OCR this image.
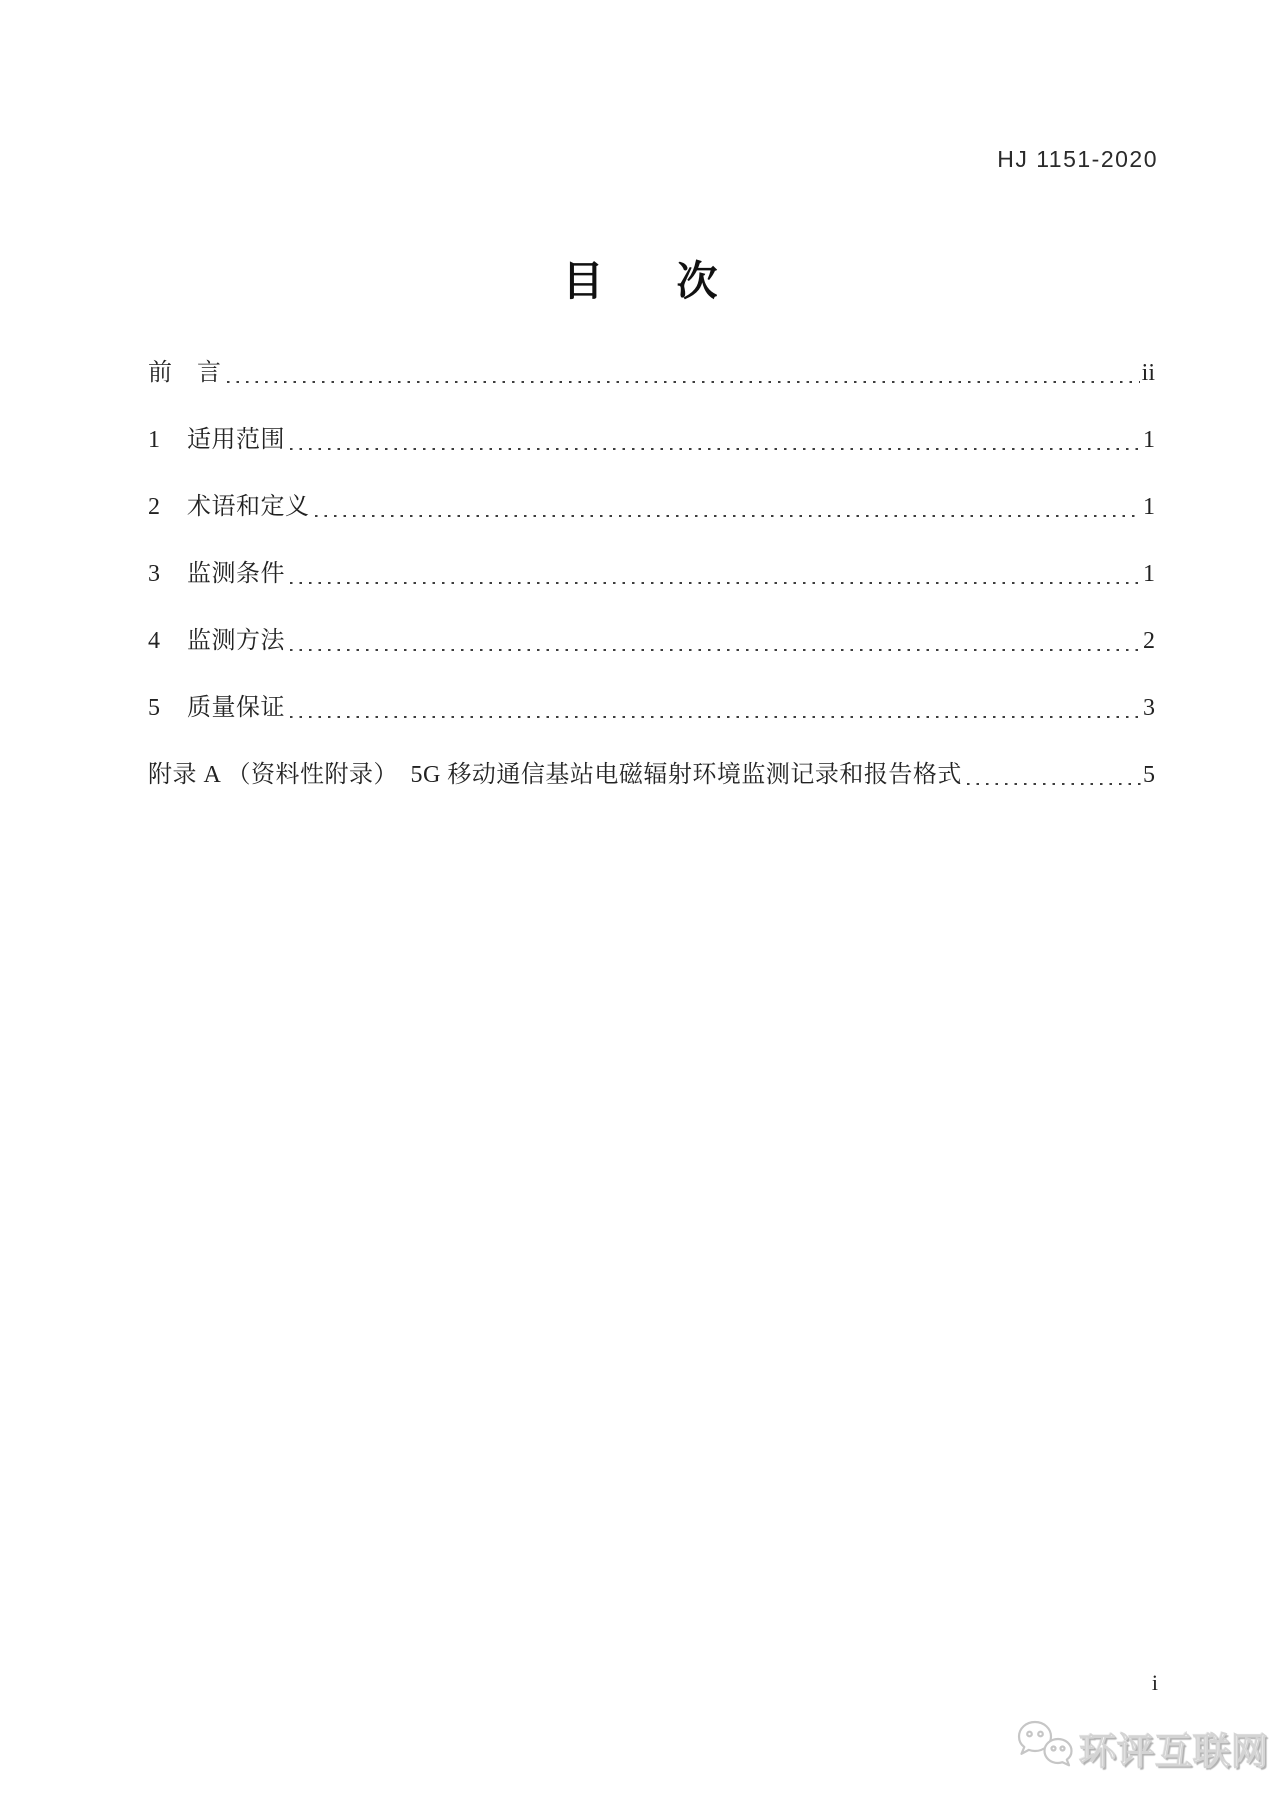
HJ 1151-2020
目　次
前　言	ii
1	适用范围	1
2	术语和定义	1
3	监测条件	1
4	监测方法	2
5	质量保证	3
附录 A （资料性附录）　5G 移动通信基站电磁辐射环境监测记录和报告格式	5
i
环评互联网
